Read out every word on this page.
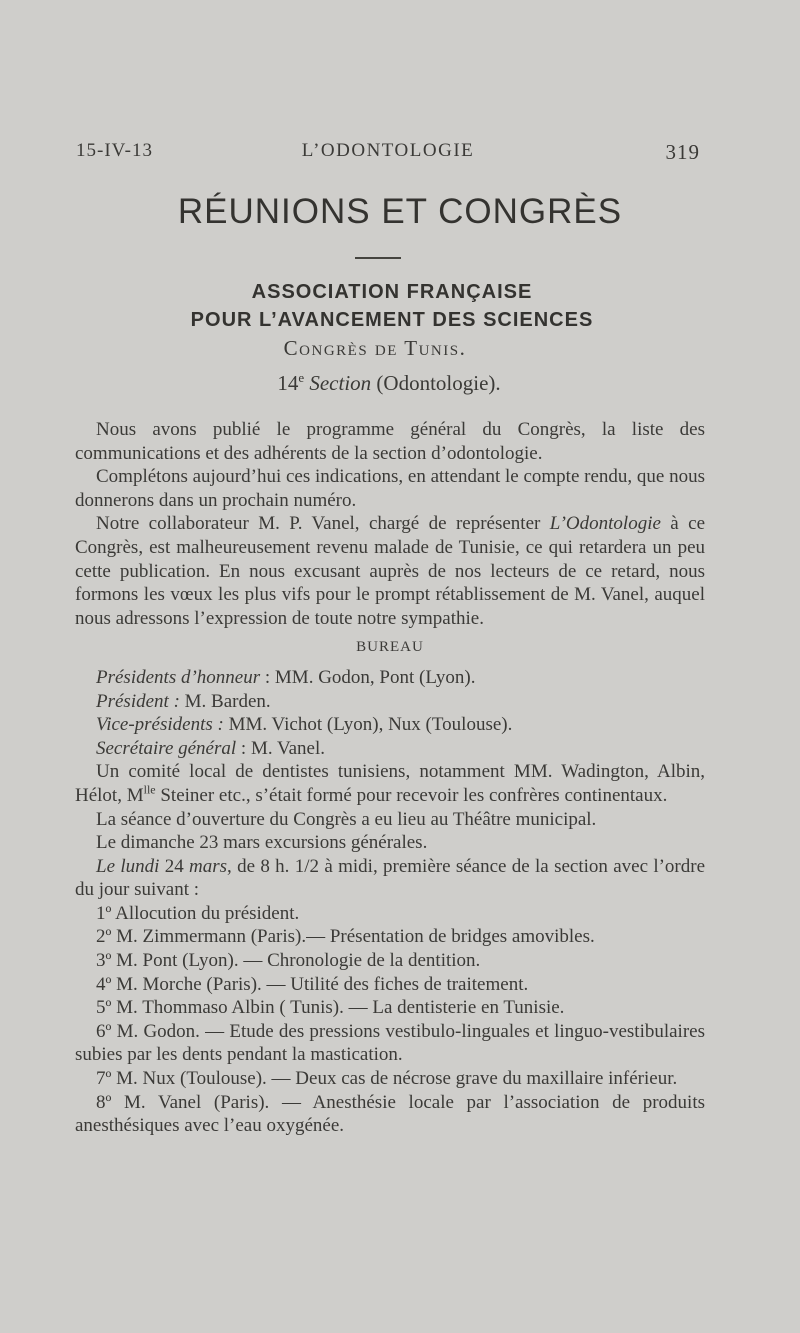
15-IV-13	L’ODONTOLOGIE	319
RÉUNIONS ET CONGRÈS
ASSOCIATION FRANÇAISE
POUR L’AVANCEMENT DES SCIENCES
Congrès de Tunis.
14e Section (Odontologie).

Nous avons publié le programme général du Congrès, la liste des communications et des adhérents de la section d’odontologie.

Complétons aujourd’hui ces indications, en attendant le compte rendu, que nous donnerons dans un prochain numéro.

Notre collaborateur M. P. Vanel, chargé de représenter L’Odontologie à ce Congrès, est malheureusement revenu malade de Tunisie, ce qui retardera un peu cette publication. En nous excusant auprès de nos lecteurs de ce retard, nous formons les vœux les plus vifs pour le prompt rétablissement de M. Vanel, auquel nous adressons l’expression de toute notre sympathie.

BUREAU

Présidents d’honneur : MM. Godon, Pont (Lyon).

Président : M. Barden.

Vice-présidents : MM. Vichot (Lyon), Nux (Toulouse).

Secrétaire général : M. Vanel.

Un comité local de dentistes tunisiens, notamment MM. Wadington, Albin, Hélot, $M^{lle}$ Steiner etc., s’était formé pour recevoir les confrères continentaux.

La séance d’ouverture du Congrès a eu lieu au Théâtre municipal.

Le dimanche 23 mars excursions générales.

Le lundi 24 mars, de 8 h. 1/2 à midi, première séance de la section avec l’ordre du jour suivant :

1º Allocution du président.

2º M. Zimmermann (Paris).— Présentation de bridges amovibles.

3º M. Pont (Lyon). — Chronologie de la dentition.

4º M. Morche (Paris). — Utilité des fiches de traitement.

5º M. Thommaso Albin ( Tunis). — La dentisterie en Tunisie.

6º M. Godon. — Etude des pressions vestibulo-linguales et linguo-vestibulaires subies par les dents pendant la mastication.

7º M. Nux (Toulouse). — Deux cas de nécrose grave du maxillaire inférieur.

8º M. Vanel (Paris). — Anesthésie locale par l’association de produits anesthésiques avec l’eau oxygénée.
